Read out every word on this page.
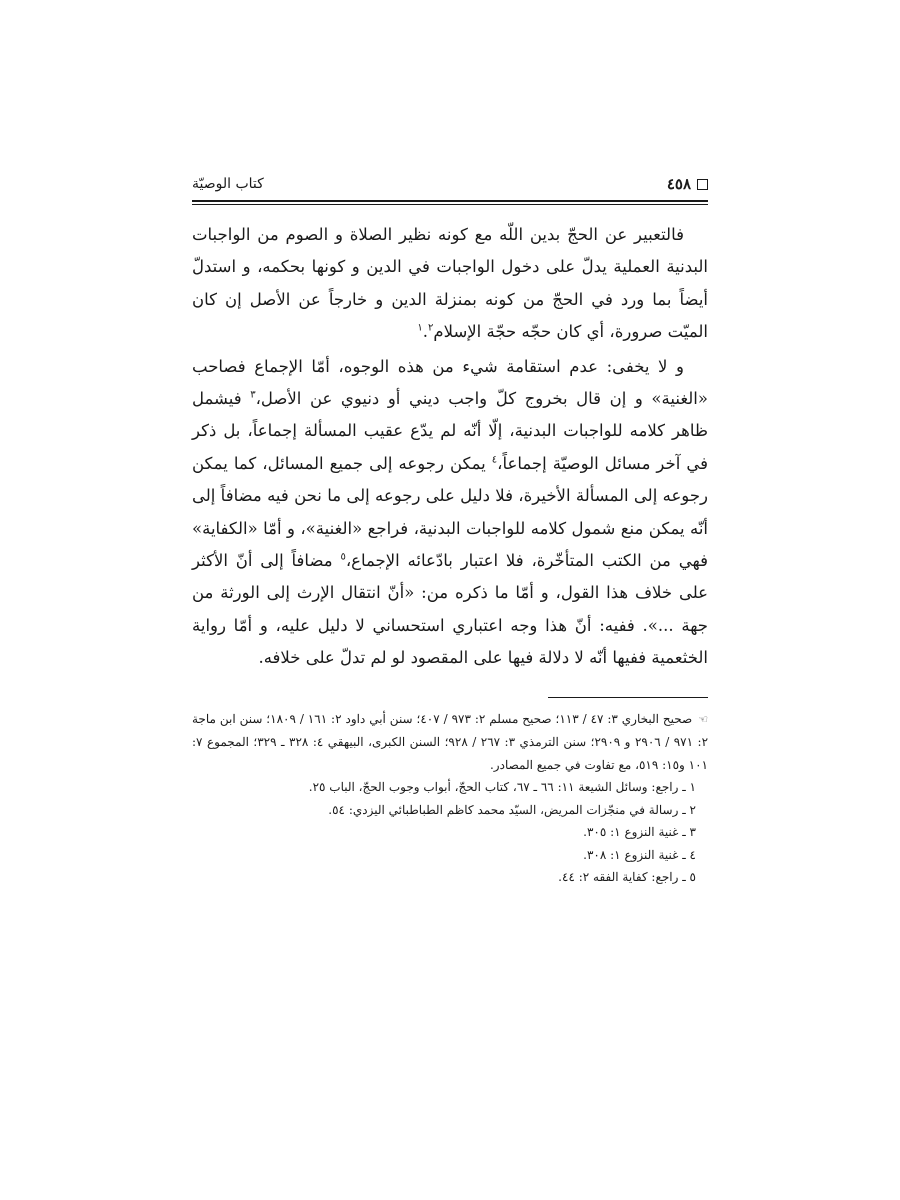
٤٥٨
كتاب الوصيّة

فالتعبير عن الحجّ بدين اللّه مع كونه نظير الصلاة و الصوم من الواجبات البدنية العملية يدلّ على دخول الواجبات في الدين و كونها بحكمه، و استدلّ أيضاً بما ورد في الحجّ من كونه بمنزلة الدين و خارجاً عن الأصل إن كان الميّت صرورة، أي كان حجّه حجّة الإسلام$^١$.$^٢$

و لا يخفى: عدم استقامة شيء من هذه الوجوه، أمّا الإجماع فصاحب «الغنية» و إن قال بخروج كلّ واجب ديني أو دنيوي عن الأصل،$^٣$ فيشمل ظاهر كلامه للواجبات البدنية، إلّا أنّه لم يدّع عقيب المسألة إجماعاً، بل ذكر في آخر مسائل الوصيّة إجماعاً،$^٤$ يمكن رجوعه إلى جميع المسائل، كما يمكن رجوعه إلى المسألة الأخيرة، فلا دليل على رجوعه إلى ما نحن فيه مضافاً إلى أنّه يمكن منع شمول كلامه للواجبات البدنية، فراجع «الغنية»، و أمّا «الكفاية» فهي من الكتب المتأخّرة، فلا اعتبار بادّعائه الإجماع،$^٥$ مضافاً إلى أنّ الأكثر على خلاف هذا القول، و أمّا ما ذكره من: «أنّ انتقال الإرث إلى الورثة من جهة ...». ففيه: أنّ هذا وجه اعتباري استحساني لا دليل عليه، و أمّا رواية الخثعمية ففيها أنّه لا دلالة فيها على المقصود لو لم تدلّ على خلافه.

☜صحيح البخاري ٣: ٤٧ / ١١٣؛ صحيح مسلم ٢: ٩٧٣ / ٤٠٧؛ سنن أبي داود ٢: ١٦١ / ١٨٠٩؛ سنن ابن ماجة ٢: ٩٧١ / ٢٩٠٦ و ٢٩٠٩؛ سنن الترمذي ٣: ٢٦٧ / ٩٢٨؛ السنن الكبرى، البيهقي ٤: ٣٢٨ ـ ٣٢٩؛ المجموع ٧: ١٠١ و١٥: ٥١٩، مع تفاوت في جميع المصادر.

١ ـ راجع: وسائل الشيعة ١١: ٦٦ ـ ٦٧، كتاب الحجّ، أبواب وجوب الحجّ، الباب ٢٥.

٢ ـ رسالة في منجّزات المريض، السيّد محمد كاظم الطباطبائي اليزدي: ٥٤.

٣ ـ غنية النزوع ١: ٣٠٥.

٤ ـ غنية النزوع ١: ٣٠٨.

٥ ـ راجع: كفاية الفقه ٢: ٤٤.
